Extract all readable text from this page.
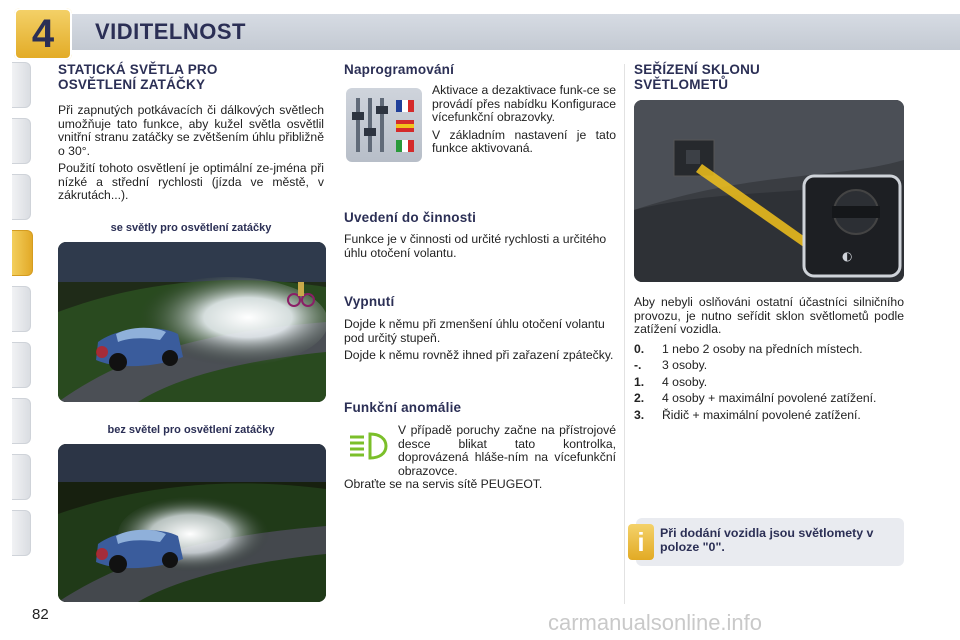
4	VIDITELNOST
STATICKÁ SVĚTLA PRO OSVĚTLENÍ ZATÁČKY

Při zapnutých potkávacích či dálkových světlech umožňuje tato funkce, aby kužel světla osvětlil vnitřní stranu zatáčky se zvětšením úhlu přibližně o 30°.

Použití tohoto osvětlení je optimální ze-jména při nízké a střední rychlosti (jízda ve městě, v zákrutách...).

se světly pro osvětlení zatáčky
bez světel pro osvětlení zatáčky
Naprogramování

Aktivace a dezaktivace funk-ce se provádí přes nabídku Konfigurace vícefunkční obrazovky.

V základním nastavení je tato funkce aktivovaná.

Uvedení do činnosti

Funkce je v činnosti od určité rychlosti a určitého úhlu otočení volantu.

Vypnutí

Dojde k němu při zmenšení úhlu otočení volantu pod určitý stupeň.

Dojde k němu rovněž ihned při zařazení zpátečky.

Funkční anomálie

V případě poruchy začne na přístrojové desce blikat tato kontrolka, doprovázená hláše-ním na vícefunkční obrazovce.

Obraťte se na servis sítě PEUGEOT.

SEŘÍZENÍ SKLONU SVĚTLOMETŮ
◐

Aby nebyli oslňováni ostatní účastníci silničního provozu, je nutno seřídit sklon světlometů podle zatížení vozidla.

0.	1 nebo 2 osoby na předních místech.
-.	3 osoby.
1.	4 osoby.
2.	4 osoby + maximální povolené zatížení.
3.	Řidič + maximální povolené zatížení.
i	Při dodání vozidla jsou světlomety v poloze "0".
82	carmanualsonline.info
